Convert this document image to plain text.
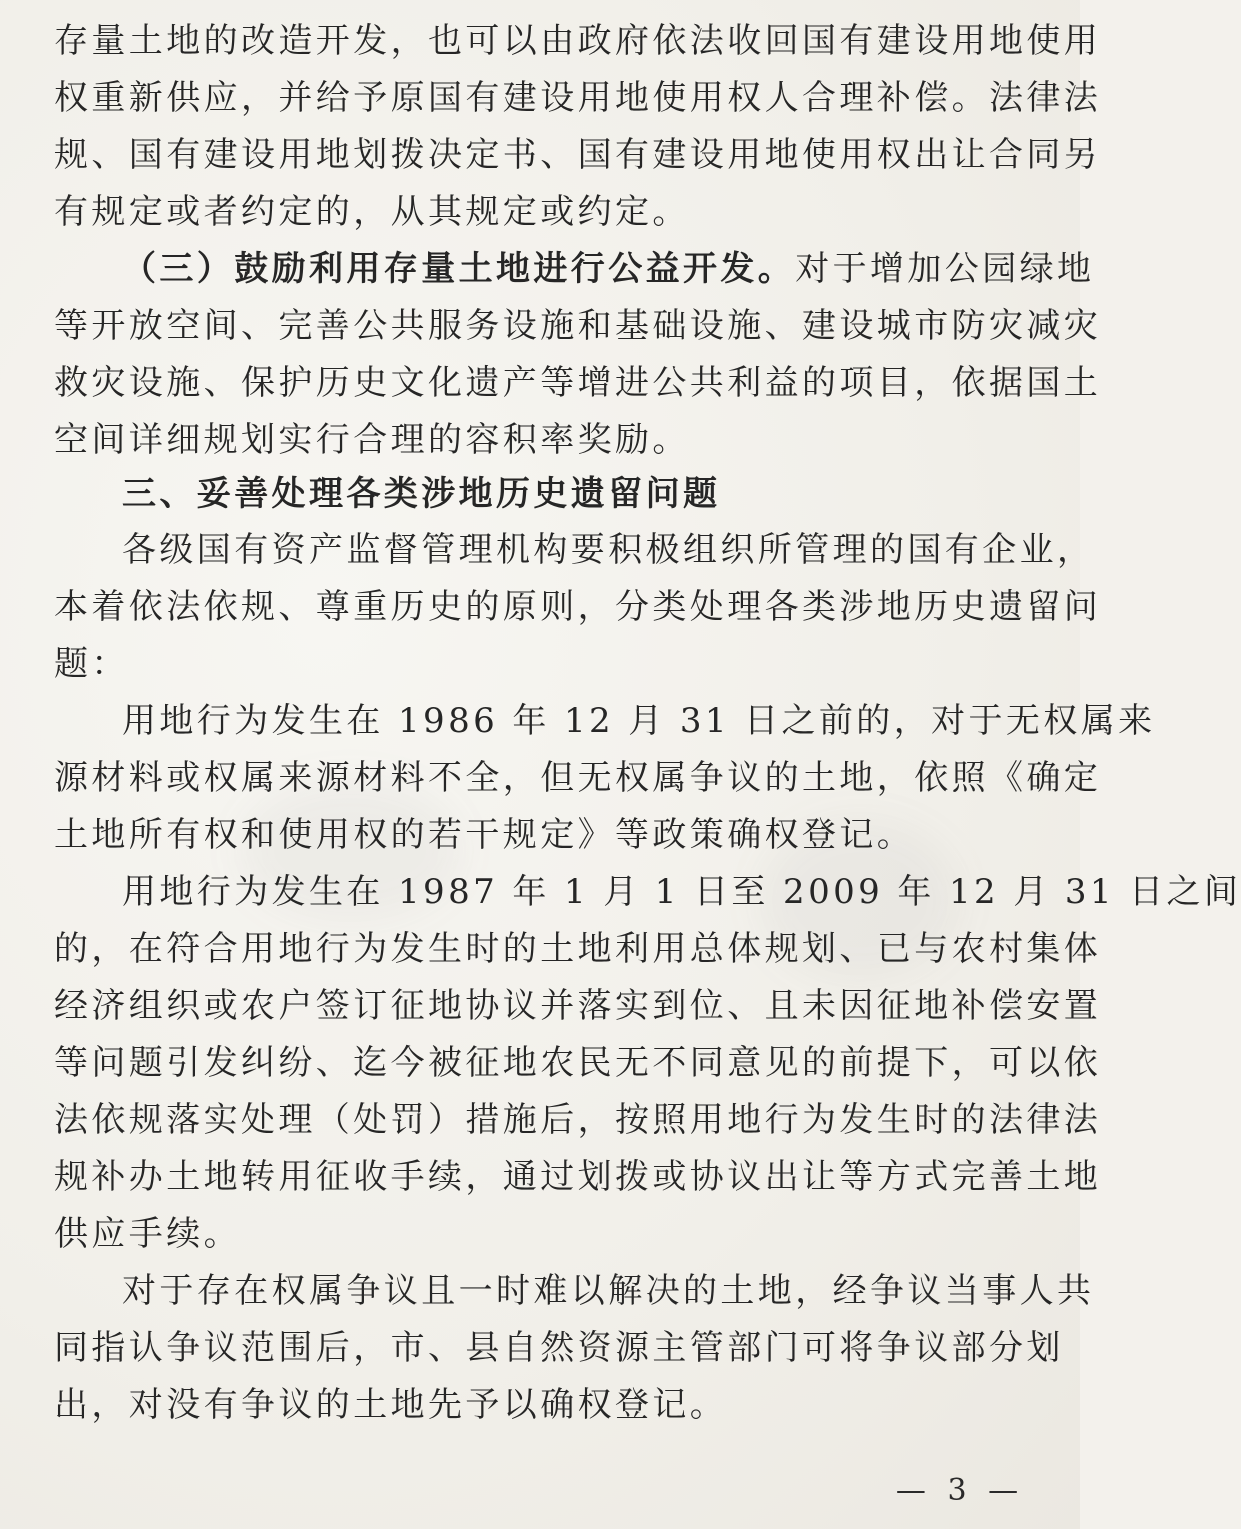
存量土地的改造开发，也可以由政府依法收回国有建设用地使用
权重新供应，并给予原国有建设用地使用权人合理补偿。法律法
规、国有建设用地划拨决定书、国有建设用地使用权出让合同另
有规定或者约定的，从其规定或约定。
（三）鼓励利用存量土地进行公益开发。对于增加公园绿地
等开放空间、完善公共服务设施和基础设施、建设城市防灾减灾
救灾设施、保护历史文化遗产等增进公共利益的项目，依据国土
空间详细规划实行合理的容积率奖励。
三、妥善处理各类涉地历史遗留问题
各级国有资产监督管理机构要积极组织所管理的国有企业，
本着依法依规、尊重历史的原则，分类处理各类涉地历史遗留问
题：
用地行为发生在 1986 年 12 月 31 日之前的，对于无权属来
源材料或权属来源材料不全，但无权属争议的土地，依照《确定
土地所有权和使用权的若干规定》等政策确权登记。
用地行为发生在 1987 年 1 月 1 日至 2009 年 12 月 31 日之间
的，在符合用地行为发生时的土地利用总体规划、已与农村集体
经济组织或农户签订征地协议并落实到位、且未因征地补偿安置
等问题引发纠纷、迄今被征地农民无不同意见的前提下，可以依
法依规落实处理（处罚）措施后，按照用地行为发生时的法律法
规补办土地转用征收手续，通过划拨或协议出让等方式完善土地
供应手续。
对于存在权属争议且一时难以解决的土地，经争议当事人共
同指认争议范围后，市、县自然资源主管部门可将争议部分划
出，对没有争议的土地先予以确权登记。
— 3 —
